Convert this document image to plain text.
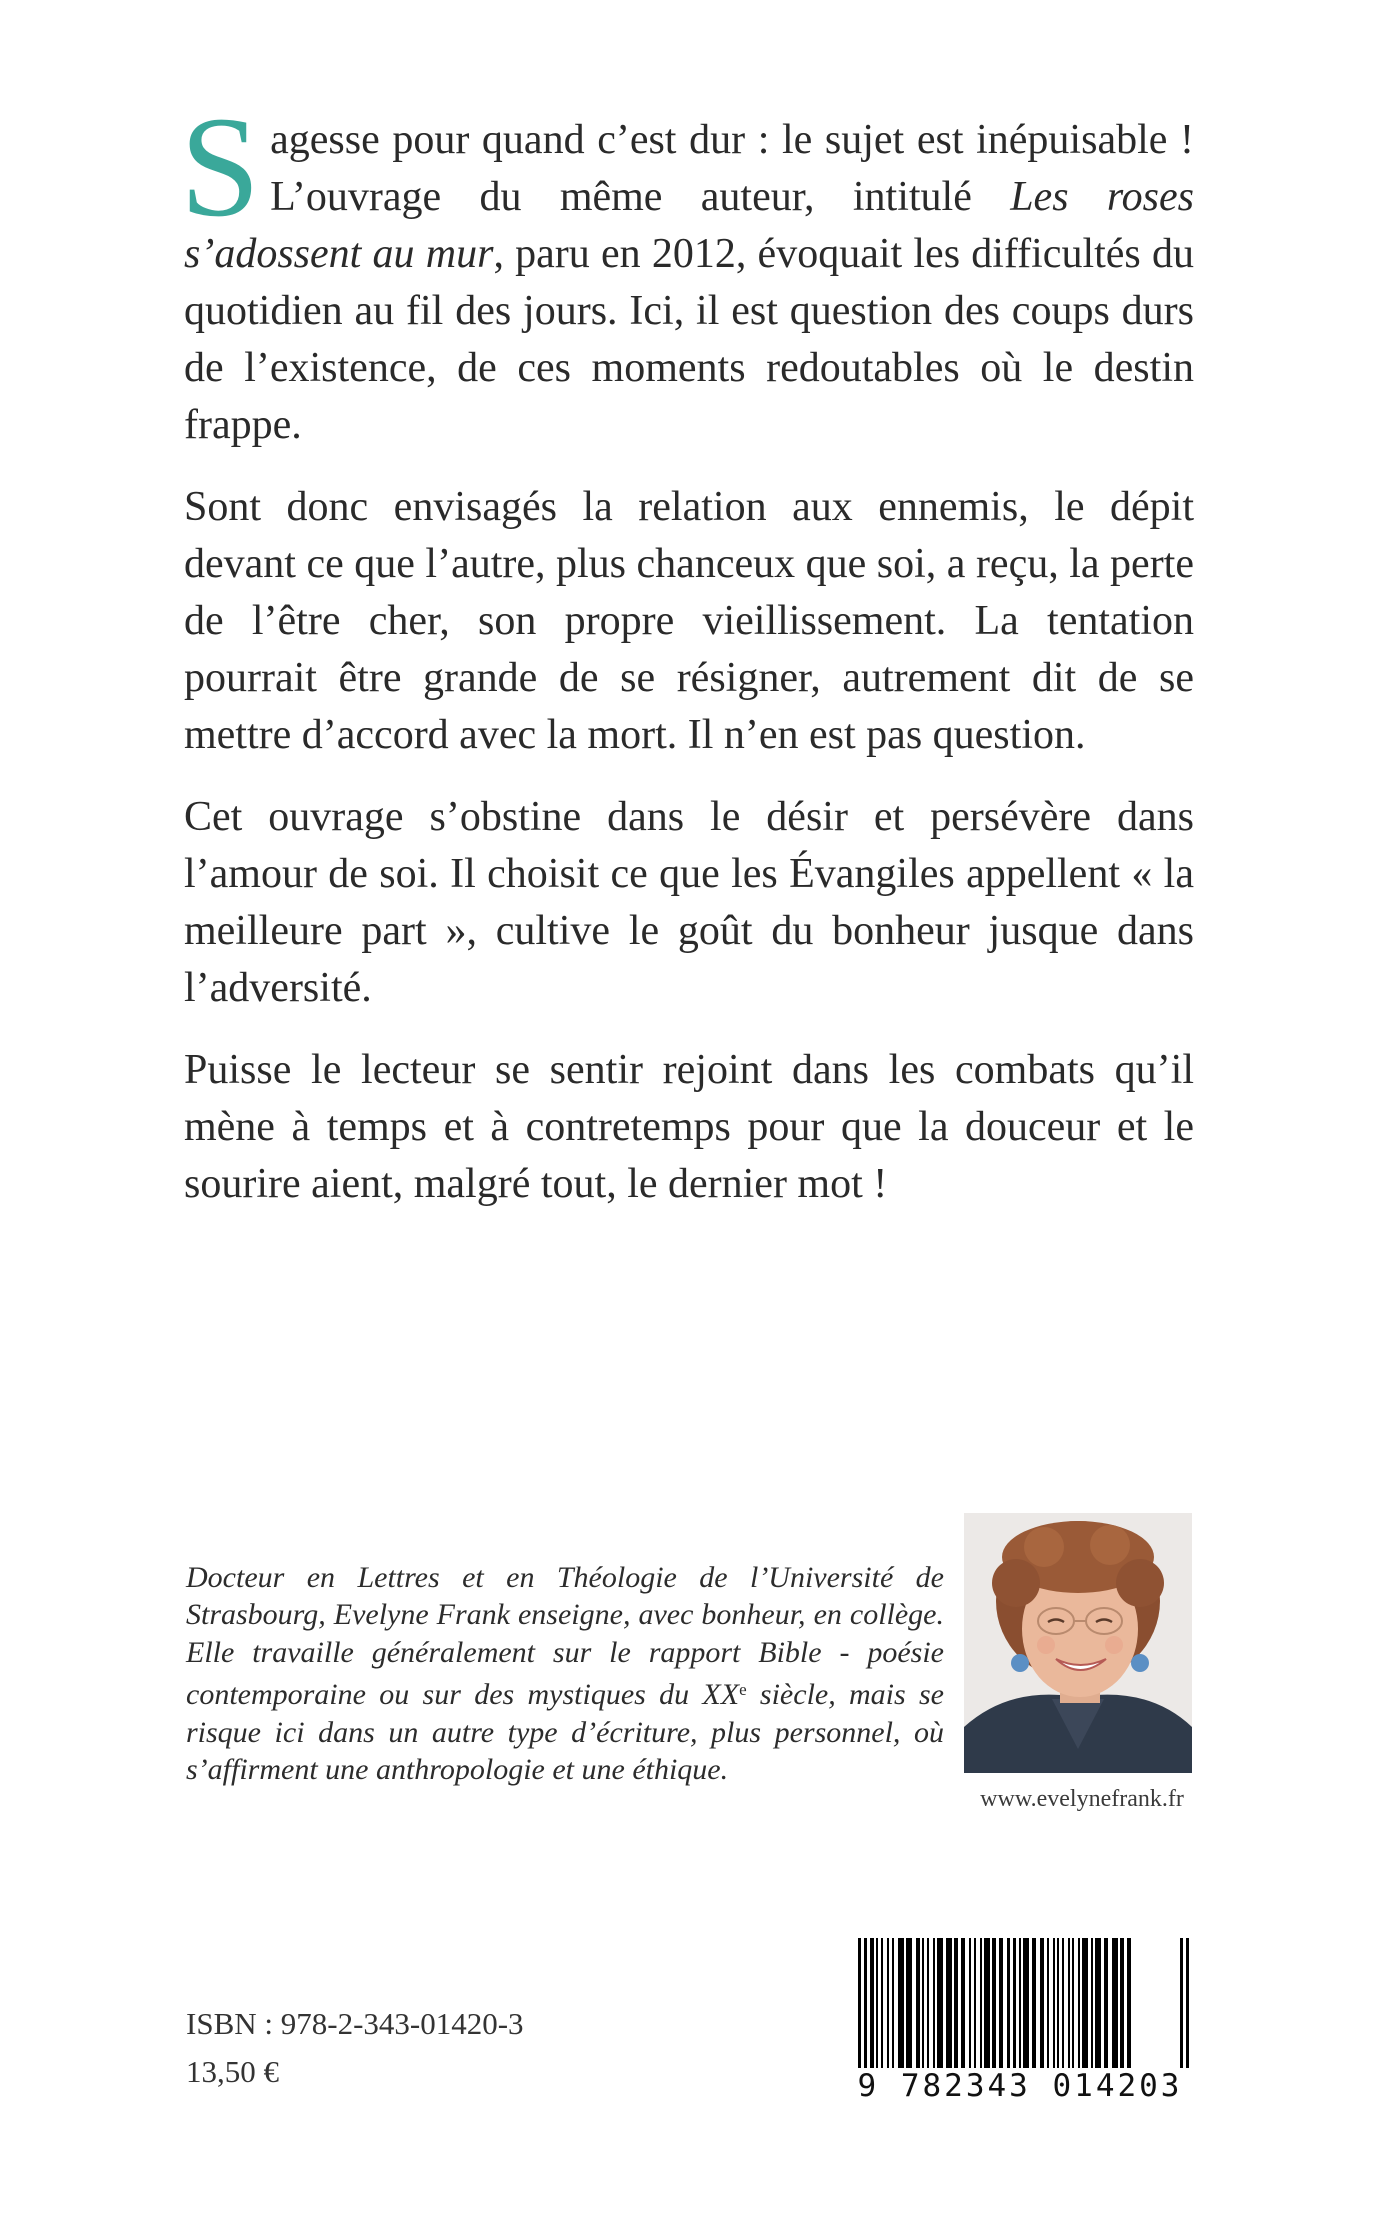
Sagesse pour quand c’est dur : le sujet est inépuisable ! L’ouvrage du même auteur, intitulé Les roses s’adossent au mur, paru en 2012, évoquait les difficultés du quotidien au fil des jours. Ici, il est question des coups durs de l’existence, de ces moments redoutables où le destin frappe.

Sont donc envisagés la relation aux ennemis, le dépit devant ce que l’autre, plus chanceux que soi, a reçu, la perte de l’être cher, son propre vieillissement. La tentation pourrait être grande de se résigner, autrement dit de se mettre d’accord avec la mort. Il n’en est pas question.

Cet ouvrage s’obstine dans le désir et persévère dans l’amour de soi. Il choisit ce que les Évangiles appellent « la meilleure part », cultive le goût du bonheur jusque dans l’adversité.

Puisse le lecteur se sentir rejoint dans les combats qu’il mène à temps et à contretemps pour que la douceur et le sourire aient, malgré tout, le dernier mot !

Docteur en Lettres et en Théologie de l’Université de Strasbourg, Evelyne Frank enseigne, avec bonheur, en collège. Elle travaille généralement sur le rapport Bible - poésie contemporaine ou sur des mystiques du XXe siècle, mais se risque ici dans un autre type d’écriture, plus personnel, où s’affirment une anthropologie et une éthique.
www.evelynefrank.fr
ISBN : 978-2-343-01420-3
13,50 €	9 782343 014203
